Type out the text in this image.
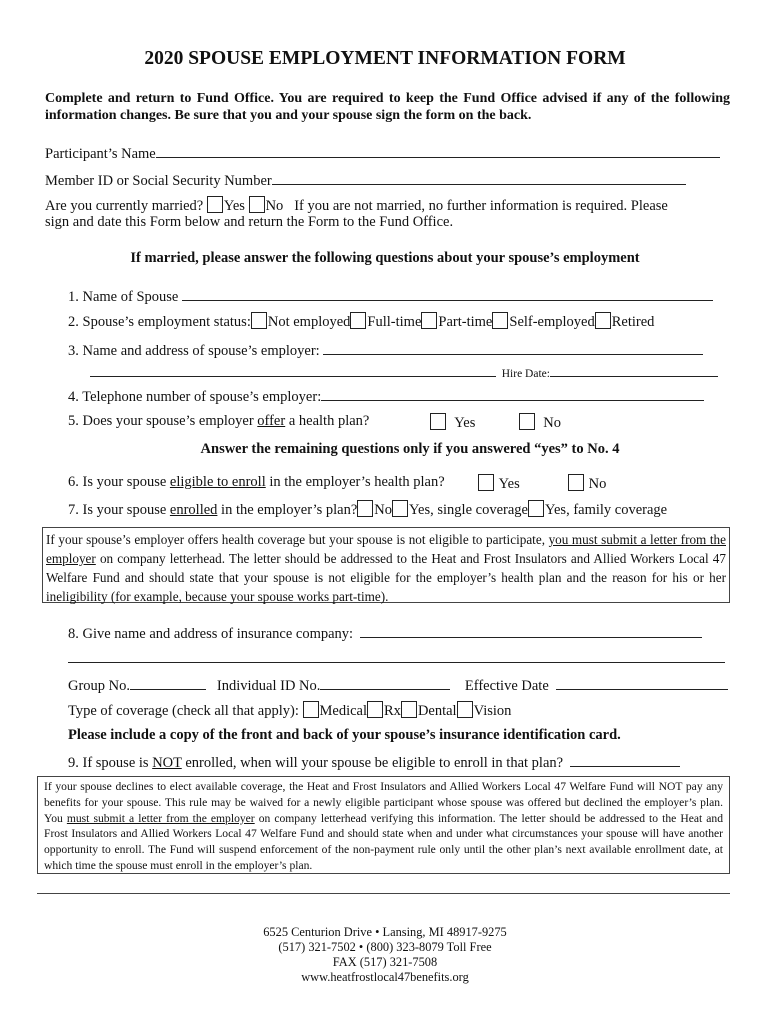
2020 SPOUSE EMPLOYMENT INFORMATION FORM
Complete and return to Fund Office. You are required to keep the Fund Office advised if any of the following information changes. Be sure that you and your spouse sign the form on the back.
Participant’s Name
Member ID or Social Security Number
Are you currently married? Yes No If you are not married, no further information is required. Please
sign and date this Form below and return the Form to the Fund Office.
If married, please answer the following questions about your spouse’s employment
1. Name of Spouse
2. Spouse’s employment status: Not employed Full-time Part-time Self-employed Retired
3. Name and address of spouse’s employer:
Hire Date:
4. Telephone number of spouse’s employer:
5. Does your spouse’s employer offer a health plan?	Yes	No
Answer the remaining questions only if you answered “yes” to No. 4
6. Is your spouse eligible to enroll in the employer’s health plan?	Yes	No
7. Is your spouse enrolled in the employer’s plan? No Yes, single coverage Yes, family coverage
If your spouse’s employer offers health coverage but your spouse is not eligible to participate, you must submit a letter from the employer on company letterhead. The letter should be addressed to the Heat and Frost Insulators and Allied Workers Local 47 Welfare Fund and should state that your spouse is not eligible for the employer’s health plan and the reason for his or her ineligibility (for example, because your spouse works part-time).
8. Give name and address of insurance company:
Group No.	Individual ID No.	Effective Date
Type of coverage (check all that apply): Medical Rx Dental Vision
Please include a copy of the front and back of your spouse’s insurance identification card.
9. If spouse is NOT enrolled, when will your spouse be eligible to enroll in that plan?
If your spouse declines to elect available coverage, the Heat and Frost Insulators and Allied Workers Local 47 Welfare Fund will NOT pay any benefits for your spouse. This rule may be waived for a newly eligible participant whose spouse was offered but declined the employer’s plan. You must submit a letter from the employer on company letterhead verifying this information. The letter should be addressed to the Heat and Frost Insulators and Allied Workers Local 47 Welfare Fund and should state when and under what circumstances your spouse will have another opportunity to enroll. The Fund will suspend enforcement of the non-payment rule only until the other plan’s next available enrollment date, at which time the spouse must enroll in the employer’s plan.
6525 Centurion Drive • Lansing, MI 48917-9275
(517) 321-7502 • (800) 323-8079 Toll Free
FAX (517) 321-7508
www.heatfrostlocal47benefits.org
